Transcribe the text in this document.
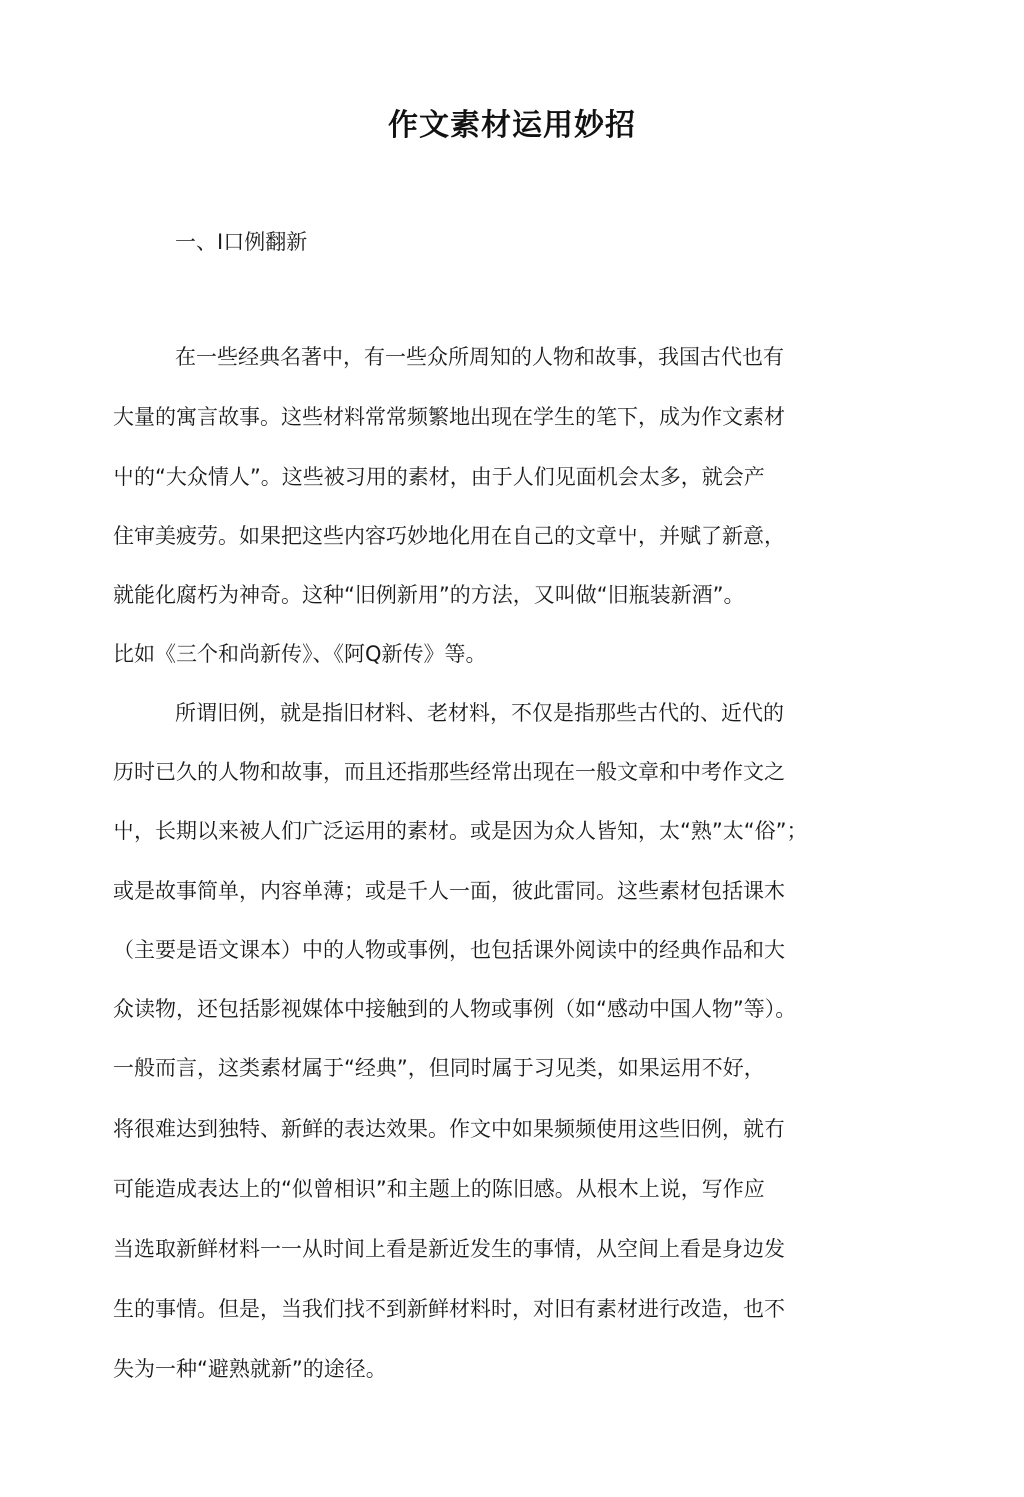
作文素材运用妙招
一、I口例翻新
在一些经典名著中，有一些众所周知的人物和故事，我国古代也有
大量的寓言故事。这些材料常常频繁地出现在学生的笔下，成为作文素材
屮的“大众情人”。这些被习用的素材，由于人们见面机会太多，就会产
住审美疲劳。如果把这些内容巧妙地化用在自己的文章屮，并赋了新意，
就能化腐朽为神奇。这种“旧例新用”的方法，又叫做“旧瓶装新酒”。
比如《三个和尚新传》、《阿Q新传》等。
所谓旧例，就是指旧材料、老材料，不仅是指那些古代的、近代的
历时已久的人物和故事，而且还指那些经常出现在一般文章和中考作文之
屮，长期以来被人们广泛运用的素材。或是因为众人皆知，太“熟”太“俗”；
或是故事简单，内容单薄；或是千人一面，彼此雷同。这些素材包括课木
（主要是语文课本）中的人物或事例，也包括课外阅读中的经典作品和大
众读物，还包括影视媒体中接触到的人物或事例（如“感动中国人物”等）。
一般而言，这类素材属于“经典”，但同时属于习见类，如果运用不好，
将很难达到独特、新鲜的表达效果。作文中如果频频使用这些旧例，就冇
可能造成表达上的“似曾相识”和主题上的陈旧感。从根木上说，写作应
当选取新鲜材料一一从时间上看是新近发生的事情，从空间上看是身边发
生的事情。但是，当我们找不到新鲜材料时，对旧有素材进行改造，也不
失为一种“避熟就新”的途径。
